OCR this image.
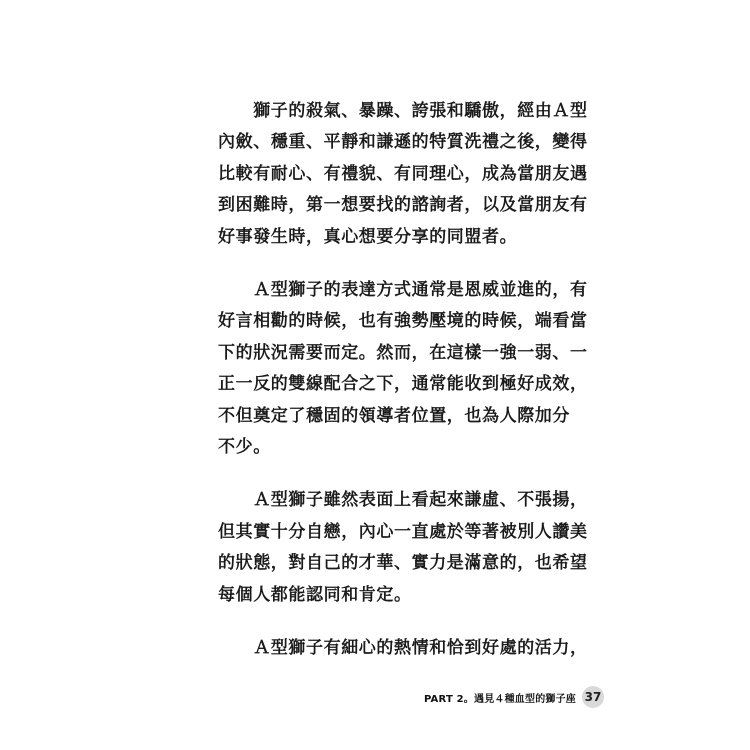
　　獅子的殺氣、暴躁、誇張和驕傲，經由Ａ型
內斂、穩重、平靜和謙遜的特質洗禮之後，變得
比較有耐心、有禮貌、有同理心，成為當朋友遇
到困難時，第一想要找的諮詢者，以及當朋友有
好事發生時，真心想要分享的同盟者。
　　Ａ型獅子的表達方式通常是恩威並進的，有
好言相勸的時候，也有強勢壓境的時候，端看當
下的狀況需要而定。然而，在這樣一強一弱、一
正一反的雙線配合之下，通常能收到極好成效，
不但奠定了穩固的領導者位置，也為人際加分
不少。
　　Ａ型獅子雖然表面上看起來謙虛、不張揚，
但其實十分自戀，內心一直處於等著被別人讚美
的狀態，對自己的才華、實力是滿意的，也希望
每個人都能認同和肯定。
　　Ａ型獅子有細心的熱情和恰到好處的活力，
PART 2。遇見４種血型的獅子座 37
